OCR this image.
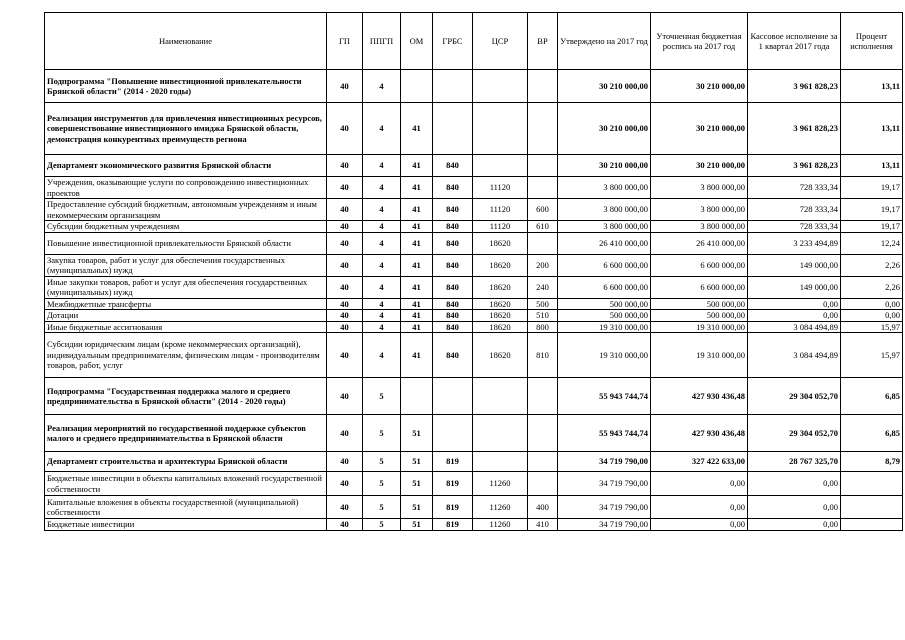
Наименование	ГП	ППГП	ОМ	ГРБС	ЦСР	ВР	Утверждено на 2017 год	Уточненная бюджетная роспись на 2017 год	Кассовое исполнение за 1 квартал 2017 года	Процент исполнения
Подпрограмма "Повышение инвестиционной привлекательности Брянской области" (2014 - 2020 годы)	40	4					30 210 000,00	30 210 000,00	3 961 828,23	13,11
Реализация инструментов для привлечения инвестиционных ресурсов, совершенствование инвестиционного имиджа Брянской области, демонстрация конкурентных преимуществ региона	40	4	41				30 210 000,00	30 210 000,00	3 961 828,23	13,11
Департамент экономического развития Брянской области	40	4	41	840			30 210 000,00	30 210 000,00	3 961 828,23	13,11
Учреждения, оказывающие услуги по сопровождению инвестиционных проектов	40	4	41	840	11120		3 800 000,00	3 800 000,00	728 333,34	19,17
Предоставление субсидий бюджетным, автономным учреждениям и иным некоммерческим организациям	40	4	41	840	11120	600	3 800 000,00	3 800 000,00	728 333,34	19,17
Субсидии бюджетным учреждениям	40	4	41	840	11120	610	3 800 000,00	3 800 000,00	728 333,34	19,17
Повышение инвестиционной привлекательности Брянской области	40	4	41	840	18620		26 410 000,00	26 410 000,00	3 233 494,89	12,24
Закупка товаров, работ и услуг для обеспечения государственных (муниципальных) нужд	40	4	41	840	18620	200	6 600 000,00	6 600 000,00	149 000,00	2,26
Иные закупки товаров, работ и услуг для обеспечения государственных (муниципальных) нужд	40	4	41	840	18620	240	6 600 000,00	6 600 000,00	149 000,00	2,26
Межбюджетные трансферты	40	4	41	840	18620	500	500 000,00	500 000,00	0,00	0,00
Дотации	40	4	41	840	18620	510	500 000,00	500 000,00	0,00	0,00
Иные бюджетные ассигнования	40	4	41	840	18620	800	19 310 000,00	19 310 000,00	3 084 494,89	15,97
Субсидии юридическим лицам (кроме некоммерческих организаций), индивидуальным предпринимателям, физическим лицам - производителям товаров, работ, услуг	40	4	41	840	18620	810	19 310 000,00	19 310 000,00	3 084 494,89	15,97
Подпрограмма "Государственная поддержка малого и среднего предпринимательства в Брянской области" (2014 - 2020 годы)	40	5					55 943 744,74	427 930 436,48	29 304 052,70	6,85
Реализация мероприятий по государственной поддержке субъектов малого и среднего предпринимательства в Брянской области	40	5	51				55 943 744,74	427 930 436,48	29 304 052,70	6,85
Департамент строительства и архитектуры Брянской области	40	5	51	819			34 719 790,00	327 422 633,00	28 767 325,70	8,79
Бюджетные инвестиции в объекты капитальных вложений государственной собственности	40	5	51	819	11260		34 719 790,00	0,00	0,00	
Капитальные вложения в объекты государственной (муниципальной) собственности	40	5	51	819	11260	400	34 719 790,00	0,00	0,00	
Бюджетные инвестиции	40	5	51	819	11260	410	34 719 790,00	0,00	0,00	
